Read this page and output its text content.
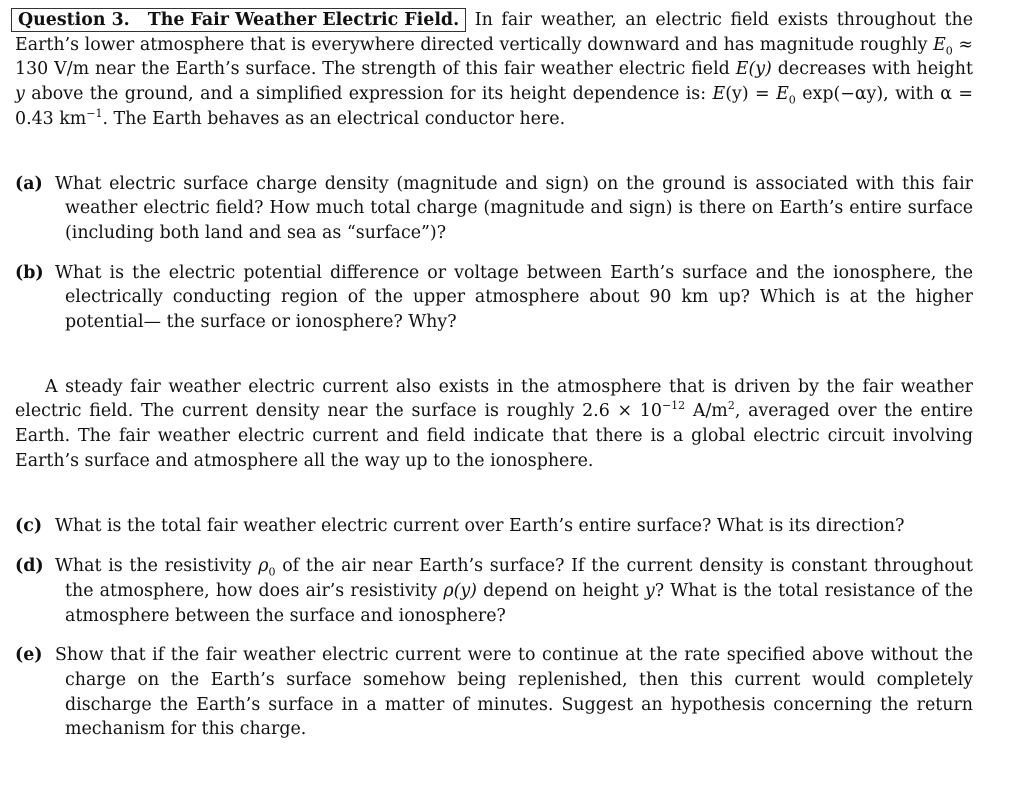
Question 3. The Fair Weather Electric Field. In fair weather, an electric field exists throughout the Earth’s lower atmosphere that is everywhere directed vertically downward and has magnitude roughly $E_0 \approx 130$ V/m near the Earth’s surface. The strength of this fair weather electric field E(y) decreases with height y above the ground, and a simplified expression for its height dependence is: $E(y) = E_0$ exp(−αy), with α = 0.43 $km^{-1}$. The Earth behaves as an electrical conductor here.

(a) What electric surface charge density (magnitude and sign) on the ground is associated with this fair weather electric field? How much total charge (magnitude and sign) is there on Earth’s entire surface (including both land and sea as “surface”)?

(b) What is the electric potential difference or voltage between Earth’s surface and the ionosphere, the electrically conducting region of the upper atmosphere about 90 km up? Which is at the higher potential— the surface or ionosphere? Why?

A steady fair weather electric current also exists in the atmosphere that is driven by the fair weather electric field. The current density near the surface is roughly $2.6 \times 10^{-12}$ $A/m^2$, averaged over the entire Earth. The fair weather electric current and field indicate that there is a global electric circuit involving Earth’s surface and atmosphere all the way up to the ionosphere.

(c) What is the total fair weather electric current over Earth’s entire surface? What is its direction?

(d) What is the resistivity $\rho_0$ of the air near Earth’s surface? If the current density is constant throughout the atmosphere, how does air’s resistivity ρ(y) depend on height y? What is the total resistance of the atmosphere between the surface and ionosphere?

(e) Show that if the fair weather electric current were to continue at the rate specified above without the charge on the Earth’s surface somehow being replenished, then this current would completely discharge the Earth’s surface in a matter of minutes. Suggest an hypothesis concerning the return mechanism for this charge.
